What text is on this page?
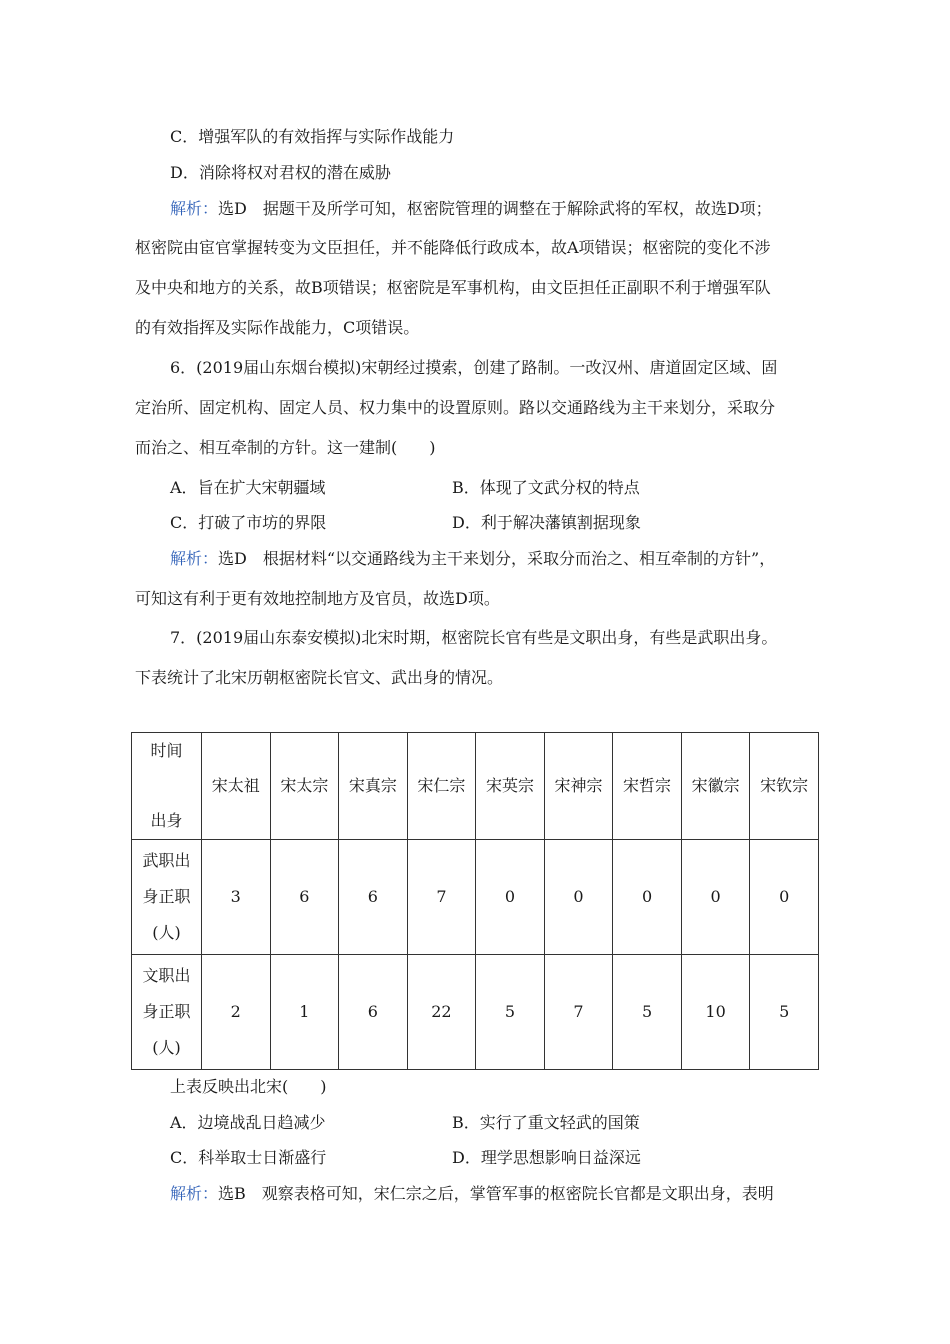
C．增强军队的有效指挥与实际作战能力
D．消除将权对君权的潜在威胁
解析：选D　据题干及所学可知，枢密院管理的调整在于解除武将的军权，故选D项；
枢密院由宦官掌握转变为文臣担任，并不能降低行政成本，故A项错误；枢密院的变化不涉
及中央和地方的关系，故B项错误；枢密院是军事机构，由文臣担任正副职不利于增强军队
的有效指挥及实际作战能力，C项错误。
6．(2019届山东烟台模拟)宋朝经过摸索，创建了路制。一改汉州、唐道固定区域、固
定治所、固定机构、固定人员、权力集中的设置原则。路以交通路线为主干来划分，采取分
而治之、相互牵制的方针。这一建制(　　)
A．旨在扩大宋朝疆域	B．体现了文武分权的特点
C．打破了市坊的界限	D．利于解决藩镇割据现象
解析：选D　根据材料“以交通路线为主干来划分，采取分而治之、相互牵制的方针”，
可知这有利于更有效地控制地方及官员，故选D项。
7．(2019届山东泰安模拟)北宋时期，枢密院长官有些是文职出身，有些是武职出身。
下表统计了北宋历朝枢密院长官文、武出身的情况。
时间
出身	宋太祖	宋太宗	宋真宗	宋仁宗	宋英宗	宋神宗	宋哲宗	宋徽宗	宋钦宗

武职出
身正职
(人)	3	6	6	7	0	0	0	0	0

文职出
身正职
(人)	2	1	6	22	5	7	5	10	5
上表反映出北宋(　　)
A．边境战乱日趋减少	B．实行了重文轻武的国策
C．科举取士日渐盛行	D．理学思想影响日益深远
解析：选B　观察表格可知，宋仁宗之后，掌管军事的枢密院长官都是文职出身，表明
